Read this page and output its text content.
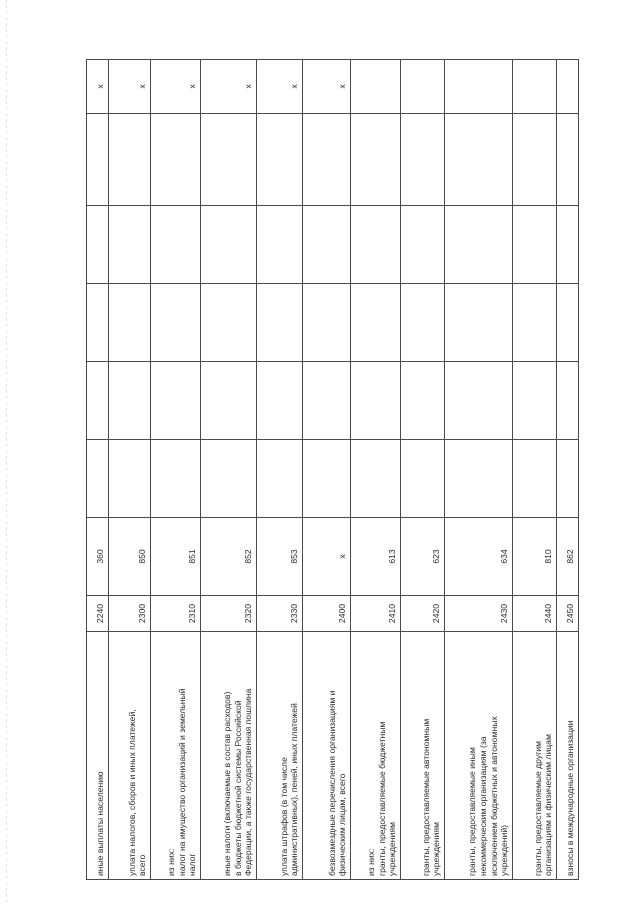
иные выплаты населению	2240	360						x

уплата налогов, сборов и иных платежей, всего	2300	850						x

из них: налог на имущество организаций и земельный налог	2310	851						x

иные налоги (включаемые в состав расходов) в бюджеты бюджетной системы Российской Федерации, а также государственная пошлина	2320	852						x

уплата штрафов (в том числе административных), пеней, иных платежей	2330	853						x

безвозмездные перечисления организациям и физическим лицам, всего	2400	x						x

из них: гранты, предоставляемые бюджетным учреждениям	2410	613						

гранты, предоставляемые автономным учреждениям	2420	623						

гранты, предоставляемые иным некоммерческим организациям (за исключением бюджетных и автономных учреждений)	2430	634						

гранты, предоставляемые другим организациям и физическим лицам	2440	810						

взносы в международные организации	2450	862						
